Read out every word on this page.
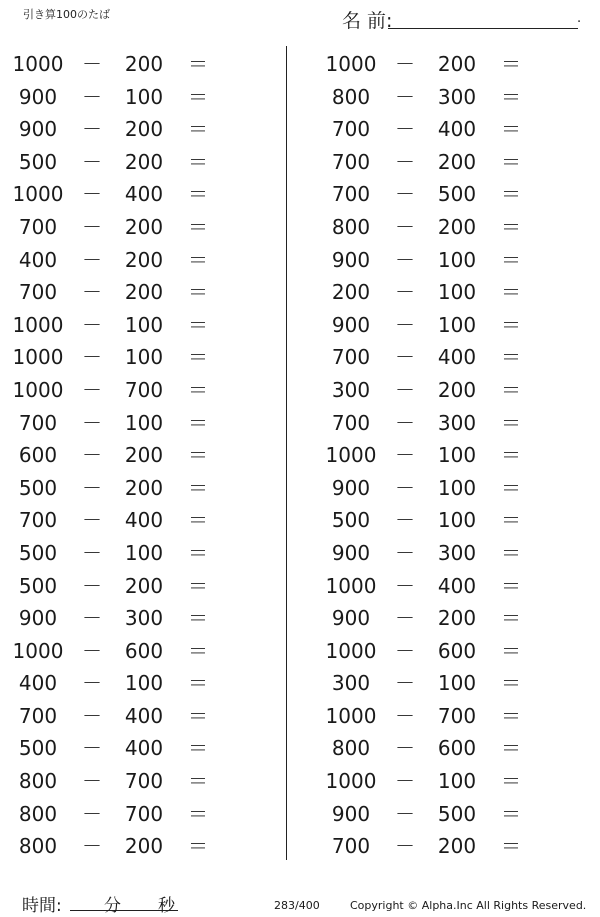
引き算100のたば	名 前:	.
1000 －	200	＝
900	－	100	＝
900	－	200	＝
500	－	200	＝
1000 －	400	＝
700	－	200	＝
400	－	200	＝
700	－	200	＝
1000 －	100	＝
1000 －	100	＝
1000 －	700	＝
700	－	100	＝
600	－	200	＝
500	－	200	＝
700	－	400	＝
500	－	100	＝
500	－	200	＝
900	－	300	＝
1000 －	600	＝
400	－	100	＝
700	－	400	＝
500	－	400	＝
800	－	700	＝
800	－	700	＝
800	－	200	＝
1000 －	200	＝
800	－	300	＝
700	－	400	＝
700	－	200	＝
700	－	500	＝
800	－	200	＝
900	－	100	＝
200	－	100	＝
900	－	100	＝
700	－	400	＝
300	－	200	＝
700	－	300	＝
1000 －	100	＝
900	－	100	＝
500	－	100	＝
900	－	300	＝
1000 －	400	＝
900	－	200	＝
1000 －	600	＝
300	－	100	＝
1000 －	700	＝
800	－	600	＝
1000 －	100	＝
900	－	500	＝
700	－	200	＝
時間: 分 秒	283/400	Copyright © Alpha.Inc All Rights Reserved.
